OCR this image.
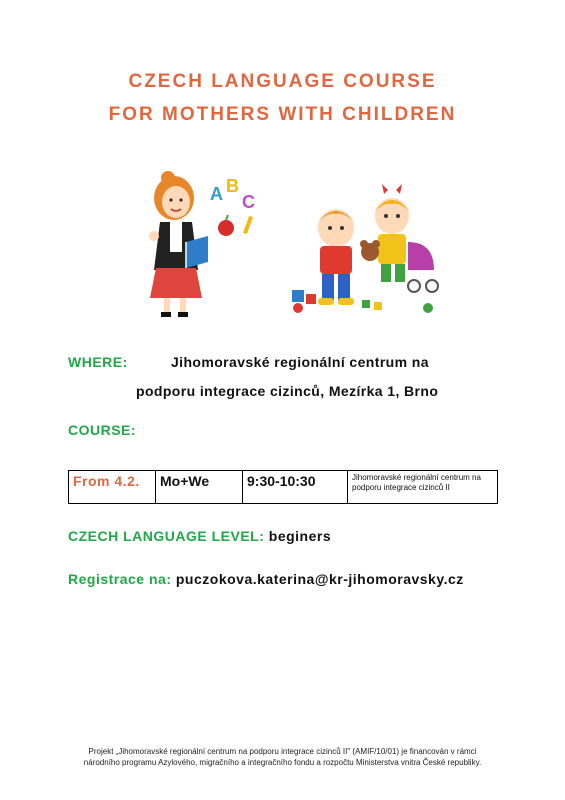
CZECH LANGUAGE COURSE
FOR MOTHERS WITH CHILDREN
A B
C
WHERE:	Jihomoravské regionální centrum na
podporu integrace cizinců, Mezírka 1, Brno
COURSE:
From 4.2.	Mo+We	9:30-10:30	Jihomoravské regionální centrum na podporu integrace cizinců II
CZECH LANGUAGE LEVEL: beginers
Registrace na: puczokova.katerina@kr-jihomoravsky.cz
Projekt „Jihomoravské regionální centrum na podporu integrace cizinců II" (AMIF/10/01) je financován v rámci
národního programu Azylového, migračního a integračního fondu a rozpočtu Ministerstva vnitra České republiky.
